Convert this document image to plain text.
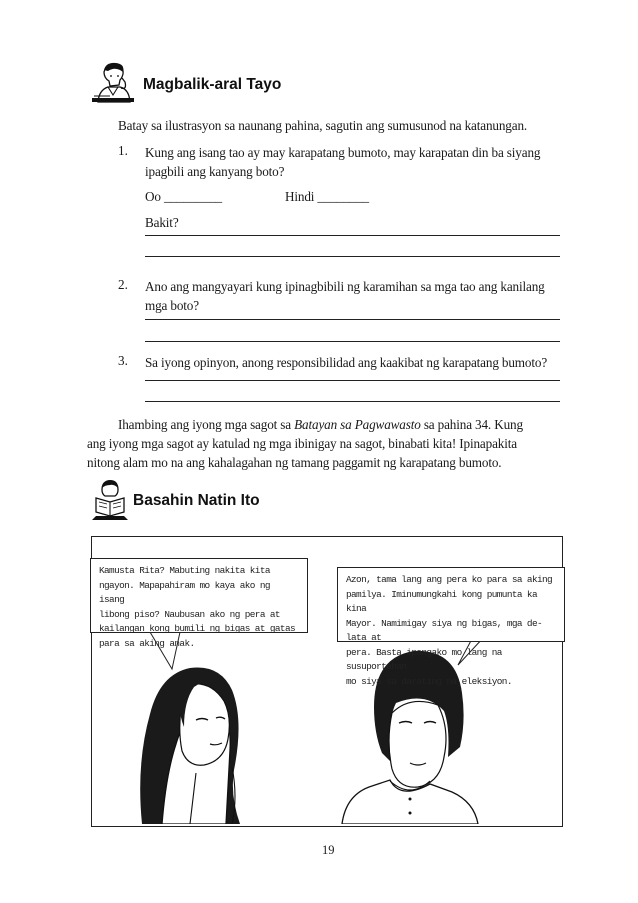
Magbalik-aral Tayo
Batay sa ilustrasyon sa naunang pahina, sagutin ang sumusunod na katanungan.
1. Kung ang isang tao ay may karapatang bumoto, may karapatan din ba siyang
ipagbili ang kanyang boto?
Oo _________	Hindi ________
Bakit?
2. Ano ang mangyayari kung ipinagbibili ng karamihan sa mga tao ang kanilang
mga boto?
3. Sa iyong opinyon, anong responsibilidad ang kaakibat ng karapatang bumoto?
Ihambing ang iyong mga sagot sa Batayan sa Pagwawasto sa pahina 34. Kung
ang iyong mga sagot ay katulad ng mga ibinigay na sagot, binabati kita! Ipinapakita
nitong alam mo na ang kahalagahan ng tamang paggamit ng karapatang bumoto.
Basahin Natin Ito
Kamusta Rita? Mabuting nakita kita
ngayon. Mapapahiram mo kaya ako ng isang
libong piso? Naubusan ako ng pera at
kailangan kong bumili ng bigas at gatas
para sa aking anak.
Azon, tama lang ang pera ko para sa aking
pamilya. Iminumungkahi kong pumunta ka kina
Mayor. Namimigay siya ng bigas, mga de-lata at
pera. Basta ipangako mo lang na susuportahan
mo siya sa darating na eleksiyon.
19
